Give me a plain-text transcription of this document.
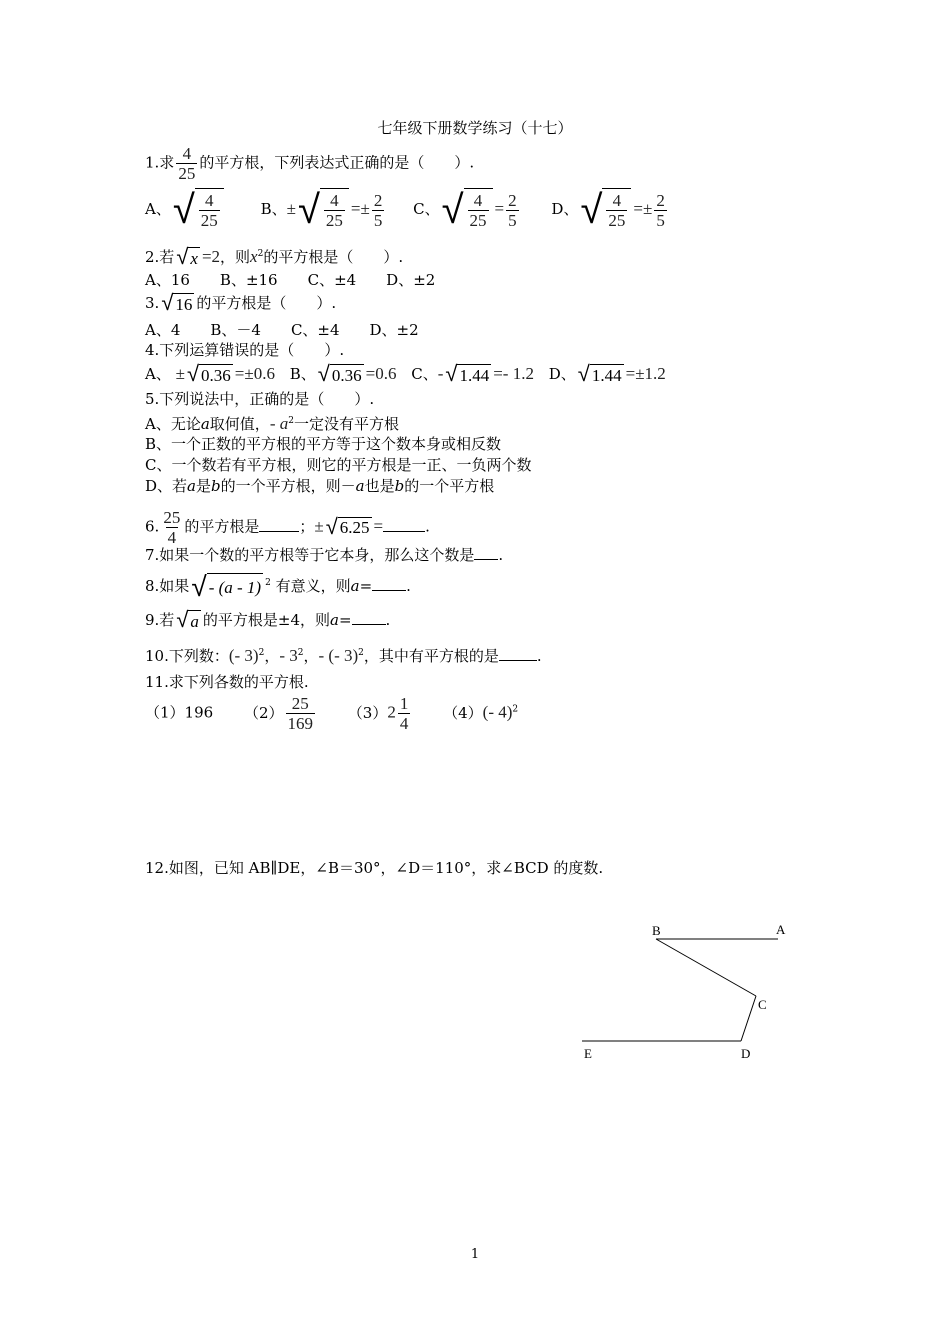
七年级下册数学练习（十七）
1.求 $\frac{4}{25}$ 的平方根，下列表达式正确的是（　　）.
A、 √ $\frac{4}{25}$	B、± √ $\frac{4}{25} =\pm \frac{2}{5}$ C、 √ $\frac{4}{25} = \frac{2}{5}$ D、 √ $\frac{4}{25} =\pm \frac{2}{5}$
2.若 √ x =2，则$x^2$的平方根是（　　）.
A、16　　B、±16　　C、±4　　D、±2
3. √ 16 的平方根是（　　）.
A、4　　B、－4　　C、±4　　D、±2
4.下列运算错误的是（　　）.
A、 ± √ 0.36 =±0.6 B、 √ 0.36 =0.6 C、- √ 1.44 =- 1.2 D、 √ 1.44 =±1.2
5.下列说法中，正确的是（　　）.
A、无论a取何值，- $a^2$一定没有平方根
B、一个正数的平方根的平方等于这个数本身或相反数
C、一个数若有平方根，则它的平方根是一正、一负两个数
D、若a是b的一个平方根，则－a也是b的一个平方根
6. $\frac{25}{4}$ 的平方根是	；± √ 6.25 =	.
7.如果一个数的平方根等于它本身，那么这个数是 .
8.如果 √ - (a - 1) $^2$ 有意义，则a= .
9.若 √ a 的平方根是±4，则a= .
10.下列数：(- 3)$^2$，- $3^2$，- (- 3)$^2$，其中有平方根的是	.
11.求下列各数的平方根.
（1）196 $(2) \frac{25}{169} (3)2 \frac{1}{4} (4)(-$ 4)$^2$
12.如图，已知 AB∥DE，∠B＝30°，∠D＝110°，求∠BCD 的度数.
B	A
C
D
E
1
